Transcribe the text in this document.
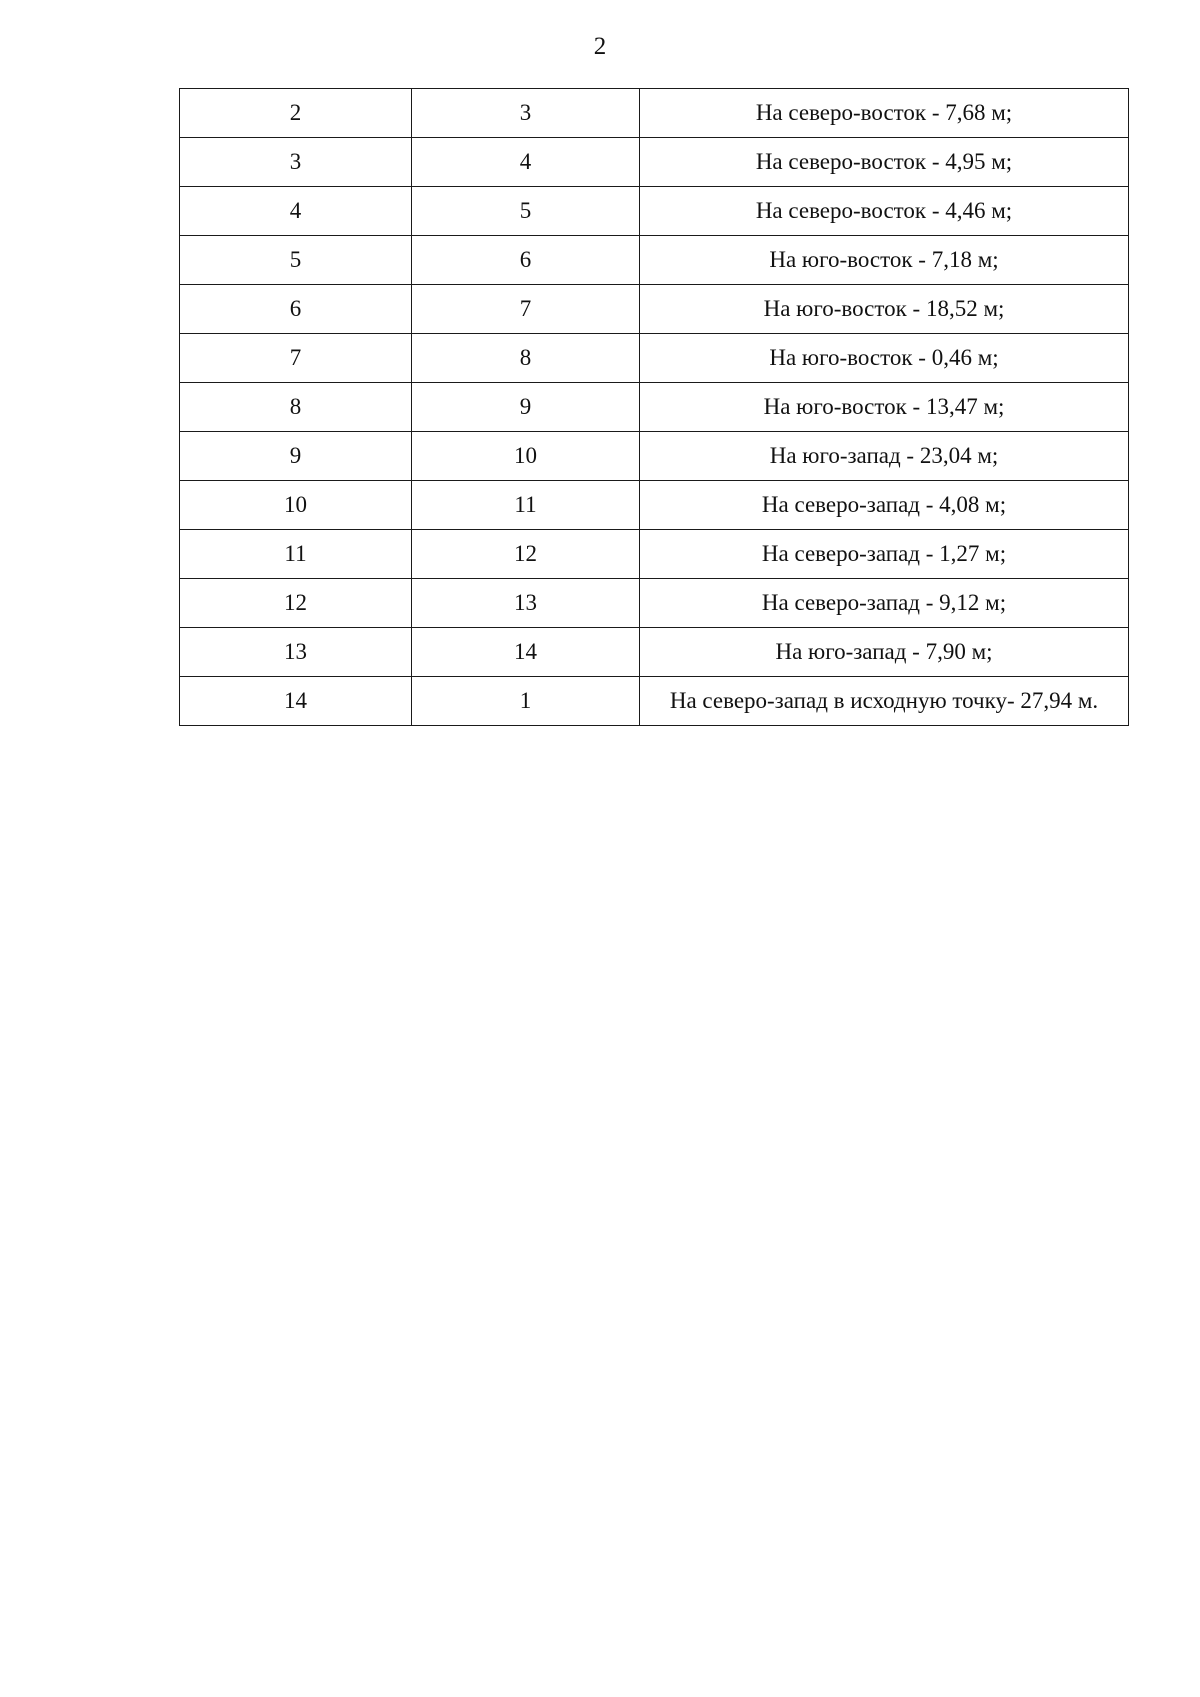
2
2	3	На северо-восток - 7,68 м;
3	4	На северо-восток - 4,95 м;
4	5	На северо-восток - 4,46 м;
5	6	На юго-восток - 7,18 м;
6	7	На юго-восток - 18,52 м;
7	8	На юго-восток - 0,46 м;
8	9	На юго-восток - 13,47 м;
9	10	На юго-запад - 23,04 м;
10	11	На северо-запад - 4,08 м;
11	12	На северо-запад - 1,27 м;
12	13	На северо-запад - 9,12 м;
13	14	На юго-запад - 7,90 м;
14	1	На северо-запад в исходную точку- 27,94 м.
